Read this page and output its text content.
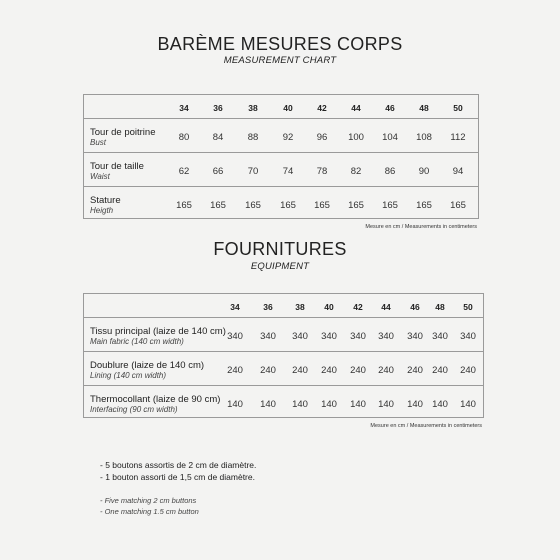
BARÈME MESURES CORPS
MEASUREMENT CHART
34	36	38	40	42	44	46	48	50
Tour de poitrine
Bust	80	84	88	92	96	100	104	108	112
Tour de taille
Waist	62	66	70	74	78	82	86	90	94
Stature
Heigth	165	165	165	165	165	165	165	165	165
Mesure en cm / Measurements in centimeters
FOURNITURES
EQUIPMENT
34	36	38	40	42	44	46	48	50
Tissu principal (laize de 140 cm)
Main fabric (140 cm width)	340	340	340	340	340	340	340 340	340
Doublure (laize de 140 cm)
Lining (140 cm width)	240	240	240	240	240	240	240 240	240
Thermocollant (laize de 90 cm)
Interfacing (90 cm width)	140	140	140	140	140	140	140 140	140
Mesure en cm / Measurements in centimeters
- 5 boutons assortis de 2 cm de diamètre.
- 1 bouton assorti de 1,5 cm de diamètre.
- Five matching 2 cm buttons
- One matching 1.5 cm button
